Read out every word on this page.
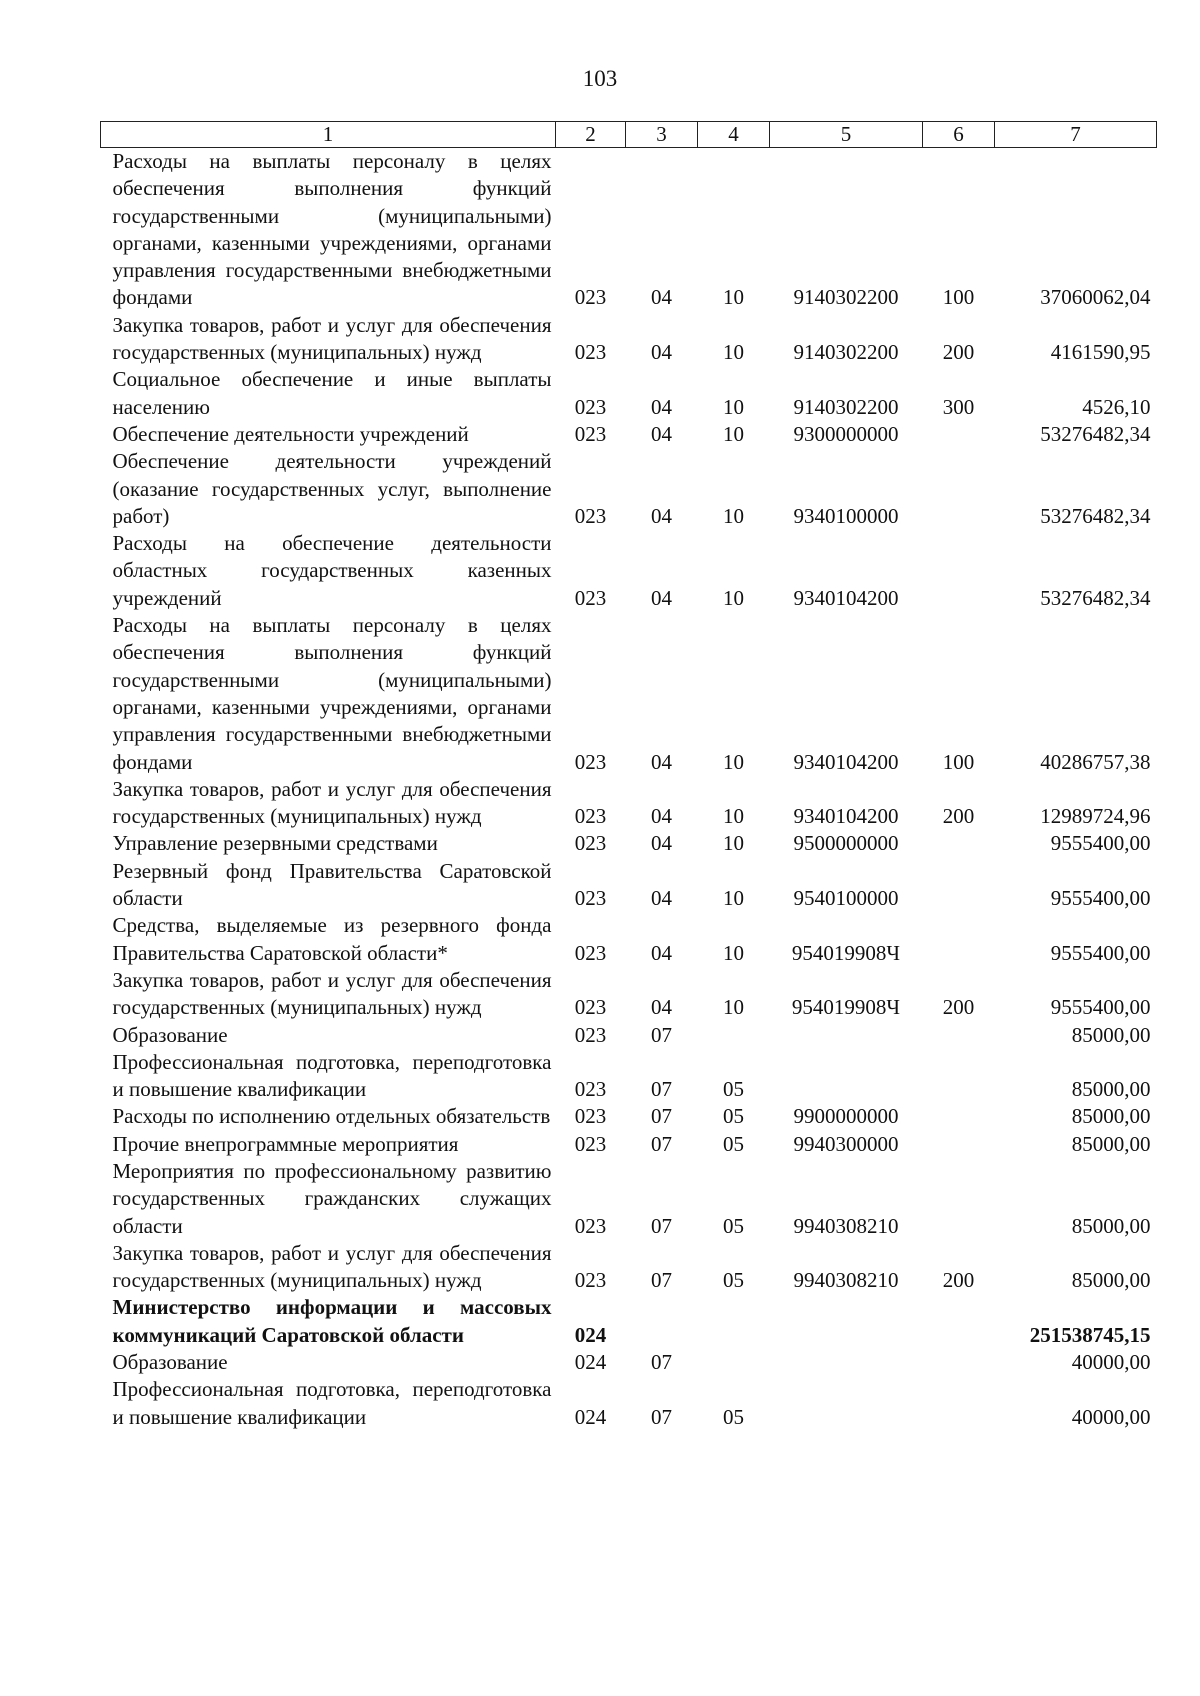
103
1	2	3	4	5	6	7
Расходы на выплаты персоналу в целях обеспечения выполнения функций государственными (муниципальными) органами, казенными учреждениями, органами управления государственными внебюджетными фондами	023	04	10	9140302200	100	37060062,04
Закупка товаров, работ и услуг для обеспечения государственных (муниципальных) нужд	023	04	10	9140302200	200	4161590,95
Социальное обеспечение и иные выплаты населению	023	04	10	9140302200	300	4526,10
Обеспечение деятельности учреждений	023	04	10	9300000000		53276482,34
Обеспечение деятельности учреждений (оказание государственных услуг, выполнение работ)	023	04	10	9340100000		53276482,34
Расходы на обеспечение деятельности областных государственных казенных учреждений	023	04	10	9340104200		53276482,34
Расходы на выплаты персоналу в целях обеспечения выполнения функций государственными (муниципальными) органами, казенными учреждениями, органами управления государственными внебюджетными фондами	023	04	10	9340104200	100	40286757,38
Закупка товаров, работ и услуг для обеспечения государственных (муниципальных) нужд	023	04	10	9340104200	200	12989724,96
Управление резервными средствами	023	04	10	9500000000		9555400,00
Резервный фонд Правительства Саратовской области	023	04	10	9540100000		9555400,00
Средства, выделяемые из резервного фонда Правительства Саратовской области*	023	04	10	954019908Ч		9555400,00
Закупка товаров, работ и услуг для обеспечения государственных (муниципальных) нужд	023	04	10	954019908Ч	200	9555400,00
Образование	023	07				85000,00
Профессиональная подготовка, переподготовка и повышение квалификации	023	07	05			85000,00
Расходы по исполнению отдельных обязательств	023	07	05	9900000000		85000,00
Прочие внепрограммные мероприятия	023	07	05	9940300000		85000,00
Мероприятия по профессиональному развитию государственных гражданских служащих области	023	07	05	9940308210		85000,00
Закупка товаров, работ и услуг для обеспечения государственных (муниципальных) нужд	023	07	05	9940308210	200	85000,00
Министерство информации и массовых коммуникаций Саратовской области	024					251538745,15
Образование	024	07				40000,00
Профессиональная подготовка, переподготовка и повышение квалификации	024	07	05			40000,00
